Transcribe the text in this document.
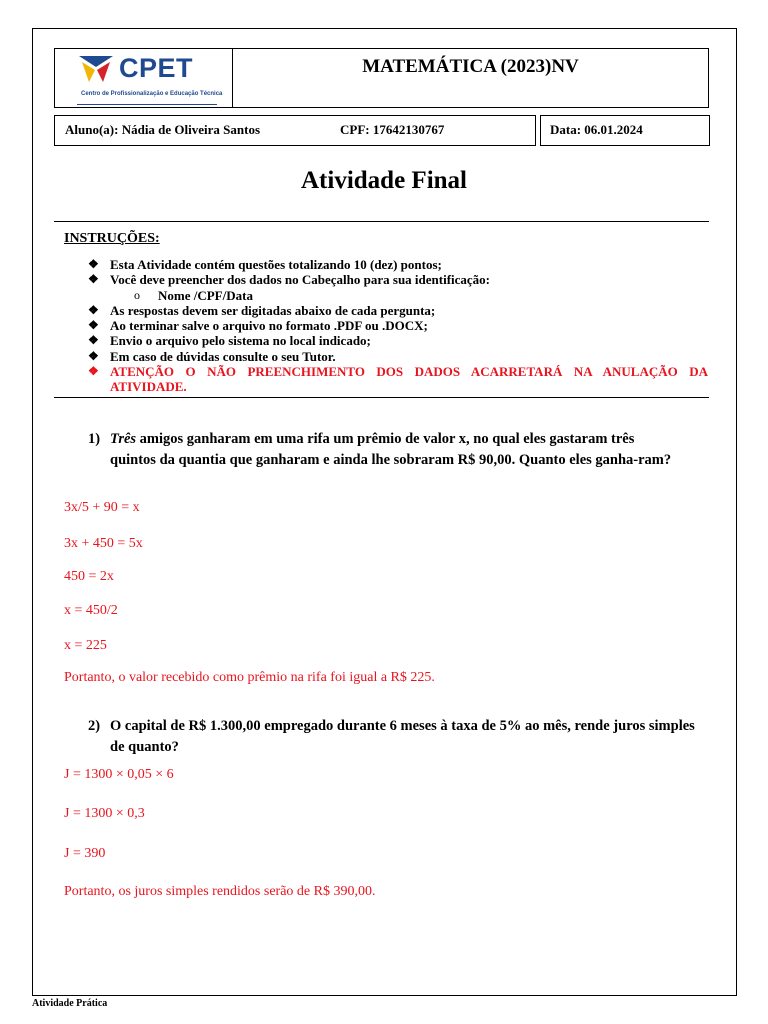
CPET
Centro de Profissionalização e Educação Técnica
MATEMÁTICA (2023)NV
Aluno(a): Nádia de Oliveira Santos	CPF: 17642130767	Data: 06.01.2024
Atividade Final
INSTRUÇÕES:
❖ Esta Atividade contém questões totalizando 10 (dez) pontos;
❖ Você deve preencher dos dados no Cabeçalho para sua identificação:
o Nome /CPF/Data
❖ As respostas devem ser digitadas abaixo de cada pergunta;
❖ Ao terminar salve o arquivo no formato .PDF ou .DOCX;
❖ Envio o arquivo pelo sistema no local indicado;
❖ Em caso de dúvidas consulte o seu Tutor.
❖ ATENÇÃO O NÃO PREENCHIMENTO DOS DADOS ACARRETARÁ NA ANULAÇÃO DA ATIVIDADE.
1) Três amigos ganharam em uma rifa um prêmio de valor x, no qual eles gastaram três quintos da quantia que ganharam e ainda lhe sobraram R$ 90,00. Quanto eles ganha-ram?
3x/5 + 90 = x
3x + 450 = 5x
450 = 2x
x = 450/2
x = 225
Portanto, o valor recebido como prêmio na rifa foi igual a R$ 225.
2) O capital de R$ 1.300,00 empregado durante 6 meses à taxa de 5% ao mês, rende juros simples de quanto?
J = 1300 × 0,05 × 6
J = 1300 × 0,3
J = 390
Portanto, os juros simples rendidos serão de R$ 390,00.
Atividade Prática
